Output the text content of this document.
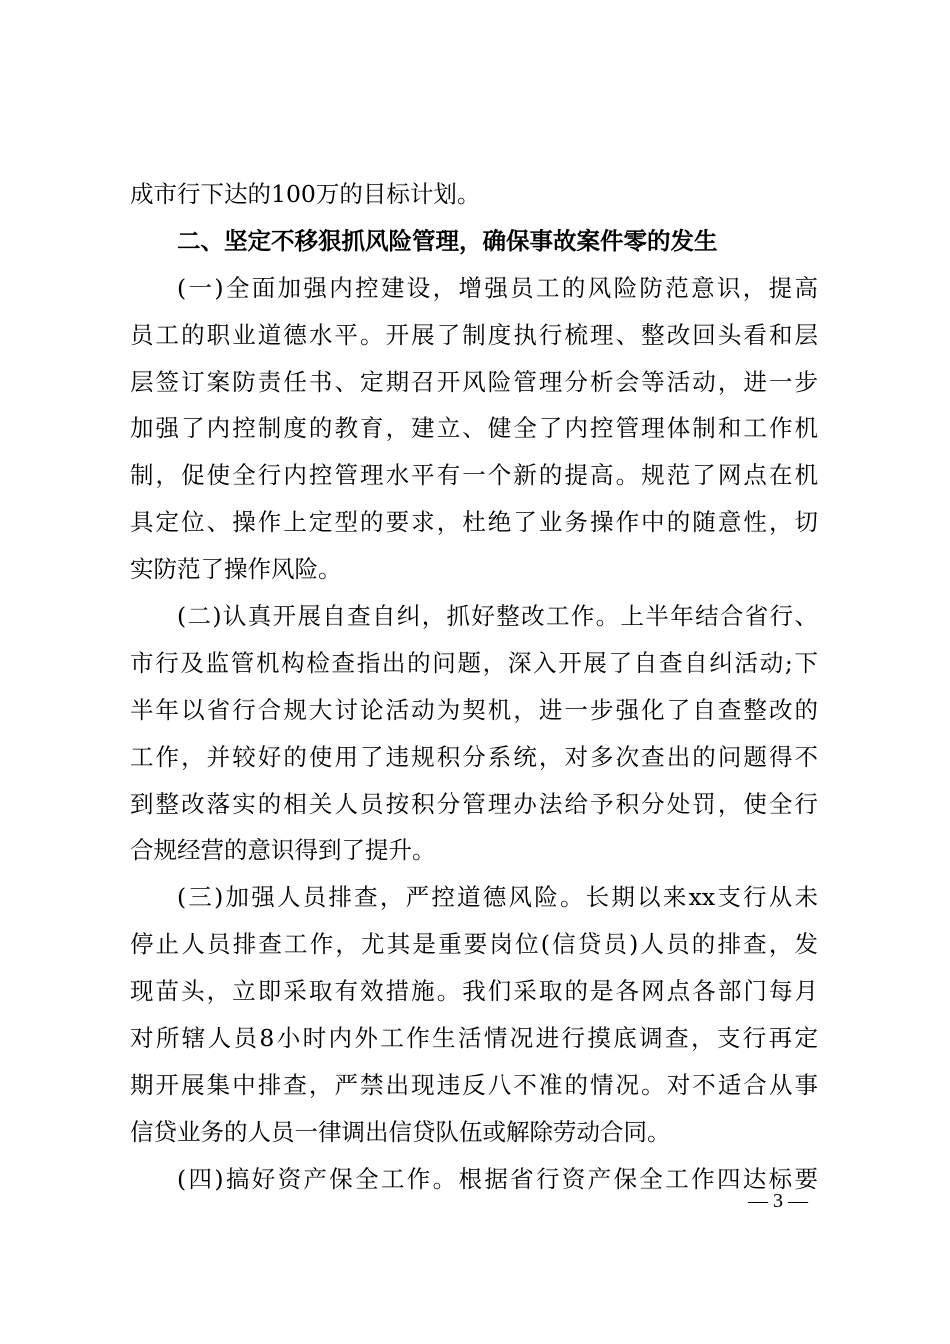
成市行下达的100万的目标计划。
二、坚定不移狠抓风险管理，确保事故案件零的发生
(一)全面加强内控建设，增强员工的风险防范意识，提高
员工的职业道德水平。开展了制度执行梳理、整改回头看和层
层签订案防责任书、定期召开风险管理分析会等活动，进一步
加强了内控制度的教育，建立、健全了内控管理体制和工作机
制，促使全行内控管理水平有一个新的提高。规范了网点在机
具定位、操作上定型的要求，杜绝了业务操作中的随意性，切
实防范了操作风险。
(二)认真开展自查自纠，抓好整改工作。上半年结合省行、
市行及监管机构检查指出的问题，深入开展了自查自纠活动;下
半年以省行合规大讨论活动为契机，进一步强化了自查整改的
工作，并较好的使用了违规积分系统，对多次查出的问题得不
到整改落实的相关人员按积分管理办法给予积分处罚，使全行
合规经营的意识得到了提升。
(三)加强人员排查，严控道德风险。长期以来xx支行从未
停止人员排查工作，尤其是重要岗位(信贷员)人员的排查，发
现苗头，立即采取有效措施。我们采取的是各网点各部门每月
对所辖人员8小时内外工作生活情况进行摸底调查，支行再定
期开展集中排查，严禁出现违反八不准的情况。对不适合从事
信贷业务的人员一律调出信贷队伍或解除劳动合同。
(四)搞好资产保全工作。根据省行资产保全工作四达标要
— 3 —
